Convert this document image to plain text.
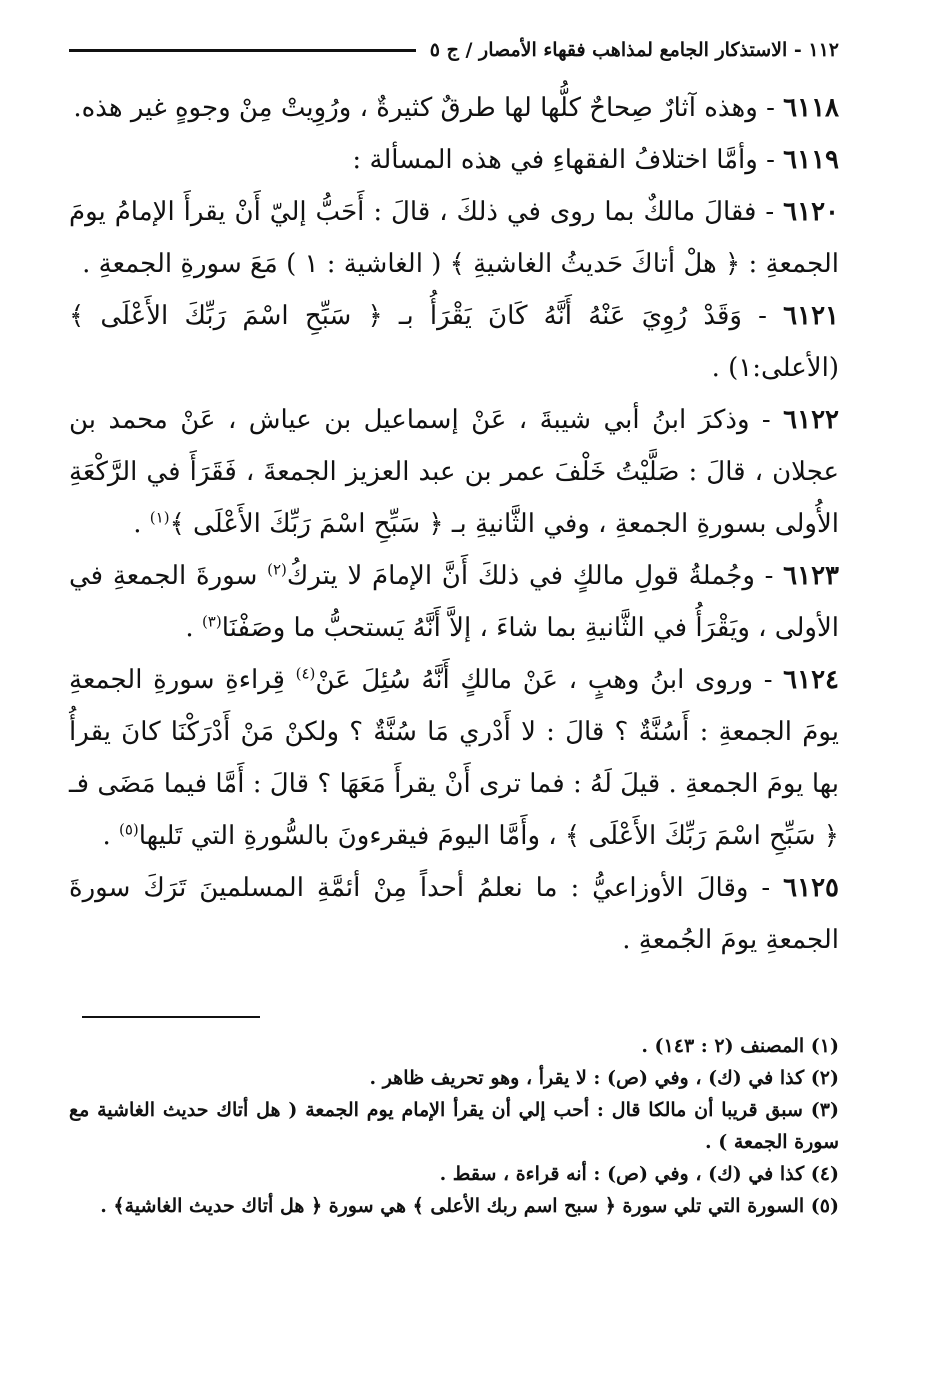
١١٢ - الاستذكار الجامع لمذاهب فقهاء الأمصار / ج ٥

٦١١٨ - وهذه آثارٌ صِحاحٌ كلُّها لها طرقٌ كثيرةٌ ، ورُوِيتْ مِنْ وجوهٍ غير هذه.

٦١١٩ - وأمَّا اختلافُ الفقهاءِ في هذه المسألة :

٦١٢٠ - فقالَ مالكٌ بما روى في ذلكَ ، قالَ : أَحَبُّ إليّ أَنْ يقرأَ الإمامُ يومَ الجمعةِ : ﴿ هلْ أتاكَ حَديثُ الغاشيةِ ﴾ ( الغاشية : ١ ) مَعَ سورةِ الجمعةِ .

٦١٢١ - وَقَدْ رُوِيَ عَنْهُ أَنَّهُ كَانَ يَقْرَأُ بـ ﴿ سَبِّحِ اسْمَ رَبِّكَ الأَعْلَى ﴾ (الأعلى:١) .

٦١٢٢ - وذكرَ ابنُ أبي شيبةَ ، عَنْ إسماعيل بن عياش ، عَنْ محمد بن عجلان ، قالَ : صَلَّيْتُ خَلْفَ عمر بن عبد العزيز الجمعةَ ، فَقَرَأَ في الرَّكْعَةِ الأُولى بسورةِ الجمعةِ ، وفي الثَّانيةِ بـ ﴿ سَبِّحِ اسْمَ رَبِّكَ الأَعْلَى ﴾$^{(١)}$ .

٦١٢٣ - وجُملةُ قولِ مالكٍ في ذلكَ أَنَّ الإمامَ لا يتركُ$^{(٢)}$ سورةَ الجمعةِ في الأولى ، ويَقْرَأُ في الثَّانيةِ بما شاءَ ، إلاَّ أَنَّهُ يَستحبُّ ما وصَفْنَا$^{(٣)}$ .

٦١٢٤ - وروى ابنُ وهبٍ ، عَنْ مالكٍ أَنَّهُ سُئِلَ عَنْ$^{(٤)}$ قِراءةِ سورةِ الجمعةِ يومَ الجمعةِ : أَسُنَّةٌ ؟ قالَ : لا أَدْري مَا سُنَّةٌ ؟ ولكنْ مَنْ أَدْرَكْنَا كانَ يقرأُ بها يومَ الجمعةِ . قيلَ لَهُ : فما ترى أَنْ يقرأَ مَعَهَا ؟ قالَ : أَمَّا فيما مَضَى فـ ﴿ سَبِّحِ اسْمَ رَبِّكَ الأَعْلَى ﴾ ، وأَمَّا اليومَ فيقرءونَ بالسُّورةِ التي تَليها$^{(٥)}$ .

٦١٢٥ - وقالَ الأوزاعيُّ : ما نعلمُ أحداً مِنْ أئمَّةِ المسلمينَ تَرَكَ سورةَ الجمعةِ يومَ الجُمعةِ .

(١) المصنف (٢ : ١٤٣) .

(٢) كذا في (ك) ، وفي (ص) : لا يقرأ ، وهو تحريف ظاهر .

(٣) سبق قريبا أن مالكا قال : أحب إلي أن يقرأ الإمام يوم الجمعة ( هل أتاك حديث الغاشية مع سورة الجمعة ) .

(٤) كذا في (ك) ، وفي (ص) : أنه قراءة ، سقط .

(٥) السورة التي تلي سورة ﴿ سبح اسم ربك الأعلى ﴾ هي سورة ﴿ هل أتاك حديث الغاشية﴾ .
